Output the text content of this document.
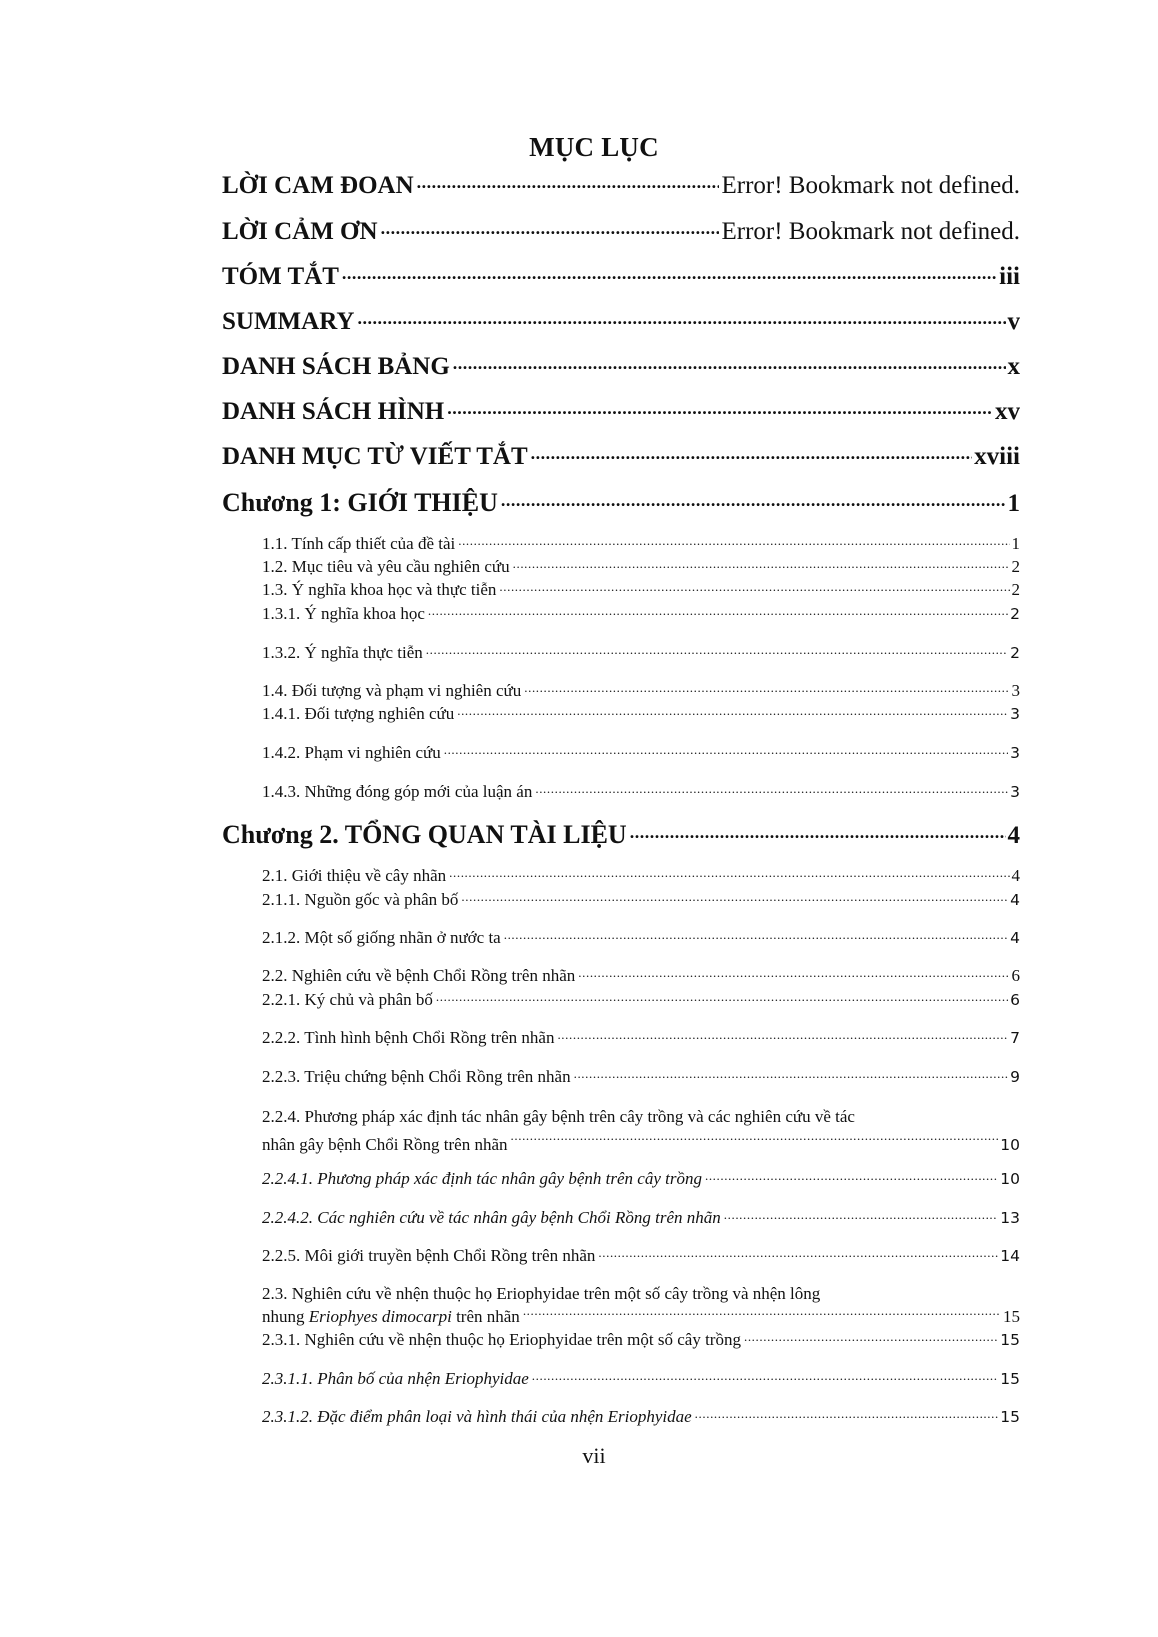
MỤC LỤC
LỜI CAM ĐOAN .....	Error! Bookmark not defined.
LỜI CẢM ƠN .....	Error! Bookmark not defined.
TÓM TẮT .....	iii
SUMMARY .....	v
DANH SÁCH BẢNG .....	x
DANH SÁCH HÌNH .....	xv
DANH MỤC TỪ VIẾT TẮT .....	xviii
Chương 1: GIỚI THIỆU .....	1
1.1. Tính cấp thiết của đề tài .....	1
1.2. Mục tiêu và yêu cầu nghiên cứu .....	2
1.3. Ý nghĩa khoa học và thực tiễn .....	2
1.3.1. Ý nghĩa khoa học .....	2
1.3.2. Ý nghĩa thực tiễn .....	2
1.4. Đối tượng và phạm vi nghiên cứu .....	3
1.4.1. Đối tượng nghiên cứu .....	3
1.4.2. Phạm vi nghiên cứu .....	3
1.4.3. Những đóng góp mới của luận án .....	3
Chương 2. TỔNG QUAN TÀI LIỆU .....	4
2.1. Giới thiệu về cây nhãn .....	4
2.1.1. Nguồn gốc và phân bố .....	4
2.1.2. Một số giống nhãn ở nước ta .....	4
2.2. Nghiên cứu về bệnh Chổi Rồng trên nhãn .....	6
2.2.1. Ký chủ và phân bố .....	6
2.2.2. Tình hình bệnh Chổi Rồng trên nhãn .....	7
2.2.3. Triệu chứng bệnh Chổi Rồng trên nhãn .....	9
2.2.4. Phương pháp xác định tác nhân gây bệnh trên cây trồng và các nghiên cứu về tác
nhân gây bệnh Chổi Rồng trên nhãn .....	10
2.2.4.1. Phương pháp xác định tác nhân gây bệnh trên cây trồng .....	10
2.2.4.2. Các nghiên cứu về tác nhân gây bệnh Chổi Rồng trên nhãn .....	13
2.2.5. Môi giới truyền bệnh Chổi Rồng trên nhãn .....	14
2.3. Nghiên cứu về nhện thuộc họ Eriophyidae trên một số cây trồng và nhện lông
nhung Eriophyes dimocarpi trên nhãn .....	15
2.3.1. Nghiên cứu về nhện thuộc họ Eriophyidae trên một số cây trồng .....	15
2.3.1.1. Phân bố của nhện Eriophyidae .....	15
2.3.1.2. Đặc điểm phân loại và hình thái của nhện Eriophyidae .....	15
vii
